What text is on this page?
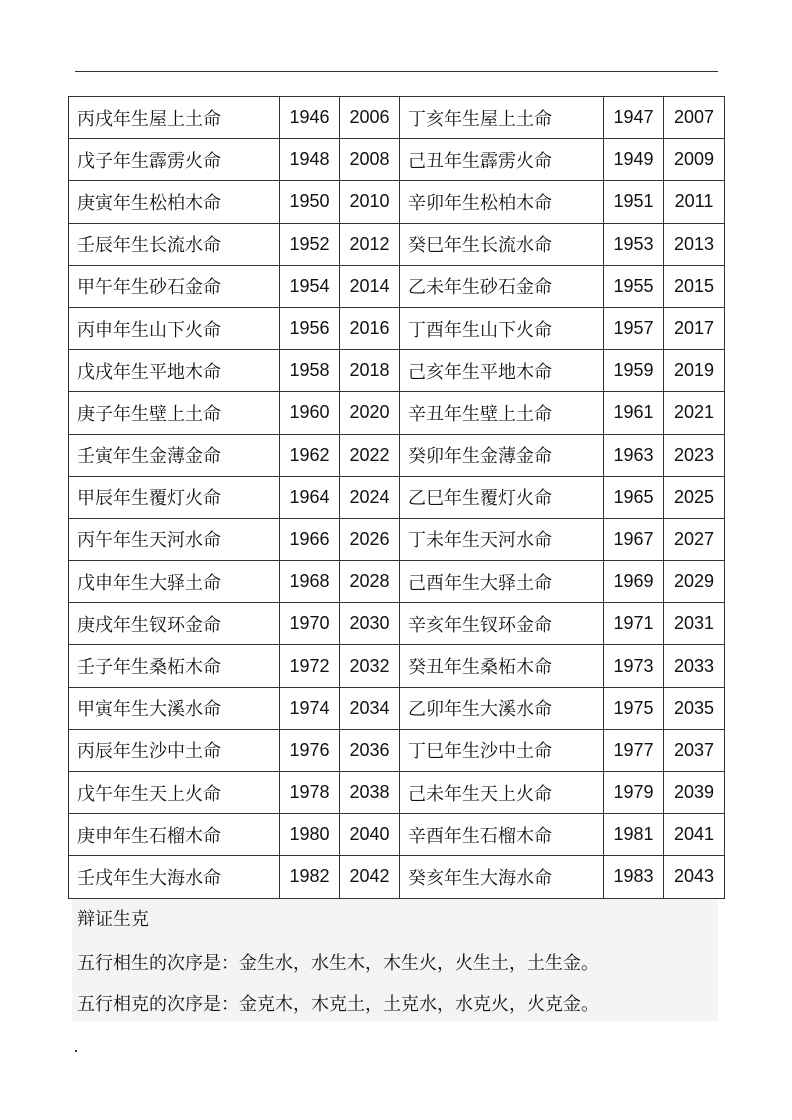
丙戌年生屋上土命	1946	2006	丁亥年生屋上土命	1947	2007
戊子年生霹雳火命	1948	2008	己丑年生霹雳火命	1949	2009
庚寅年生松柏木命	1950	2010	辛卯年生松柏木命	1951	2011
壬辰年生长流水命	1952	2012	癸巳年生长流水命	1953	2013
甲午年生砂石金命	1954	2014	乙未年生砂石金命	1955	2015
丙申年生山下火命	1956	2016	丁酉年生山下火命	1957	2017
戊戌年生平地木命	1958	2018	己亥年生平地木命	1959	2019
庚子年生壁上土命	1960	2020	辛丑年生壁上土命	1961	2021
壬寅年生金薄金命	1962	2022	癸卯年生金薄金命	1963	2023
甲辰年生覆灯火命	1964	2024	乙巳年生覆灯火命	1965	2025
丙午年生天河水命	1966	2026	丁未年生天河水命	1967	2027
戊申年生大驿土命	1968	2028	己酉年生大驿土命	1969	2029
庚戌年生钗环金命	1970	2030	辛亥年生钗环金命	1971	2031
壬子年生桑柘木命	1972	2032	癸丑年生桑柘木命	1973	2033
甲寅年生大溪水命	1974	2034	乙卯年生大溪水命	1975	2035
丙辰年生沙中土命	1976	2036	丁巳年生沙中土命	1977	2037
戊午年生天上火命	1978	2038	己未年生天上火命	1979	2039
庚申年生石榴木命	1980	2040	辛酉年生石榴木命	1981	2041
壬戌年生大海水命	1982	2042	癸亥年生大海水命	1983	2043
辩证生克
五行相生的次序是：金生水，水生木，木生火，火生土，土生金。
五行相克的次序是：金克木，木克土，土克水，水克火，火克金。
